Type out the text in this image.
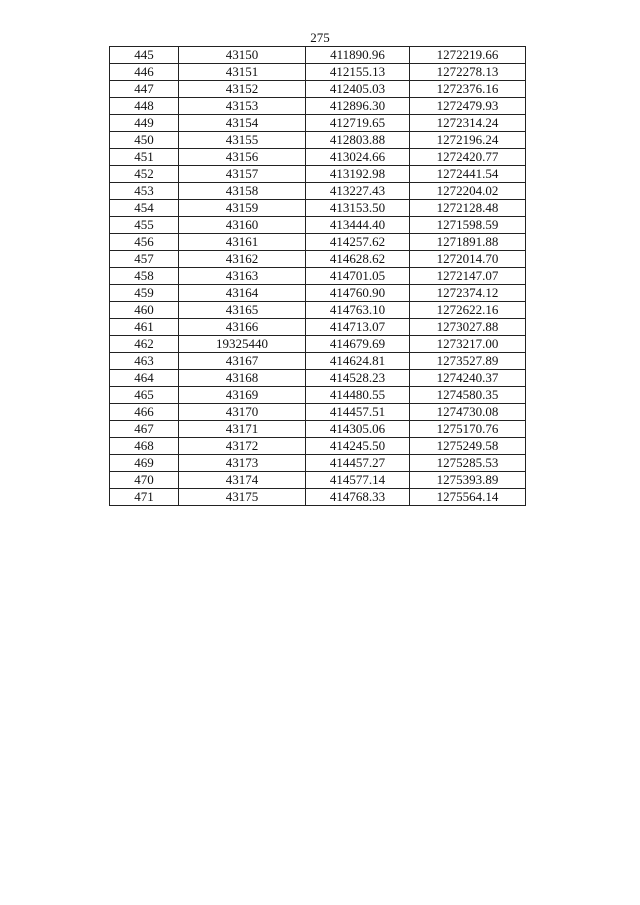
275
445	43150	411890.96	1272219.66
446	43151	412155.13	1272278.13
447	43152	412405.03	1272376.16
448	43153	412896.30	1272479.93
449	43154	412719.65	1272314.24
450	43155	412803.88	1272196.24
451	43156	413024.66	1272420.77
452	43157	413192.98	1272441.54
453	43158	413227.43	1272204.02
454	43159	413153.50	1272128.48
455	43160	413444.40	1271598.59
456	43161	414257.62	1271891.88
457	43162	414628.62	1272014.70
458	43163	414701.05	1272147.07
459	43164	414760.90	1272374.12
460	43165	414763.10	1272622.16
461	43166	414713.07	1273027.88
462	19325440	414679.69	1273217.00
463	43167	414624.81	1273527.89
464	43168	414528.23	1274240.37
465	43169	414480.55	1274580.35
466	43170	414457.51	1274730.08
467	43171	414305.06	1275170.76
468	43172	414245.50	1275249.58
469	43173	414457.27	1275285.53
470	43174	414577.14	1275393.89
471	43175	414768.33	1275564.14
